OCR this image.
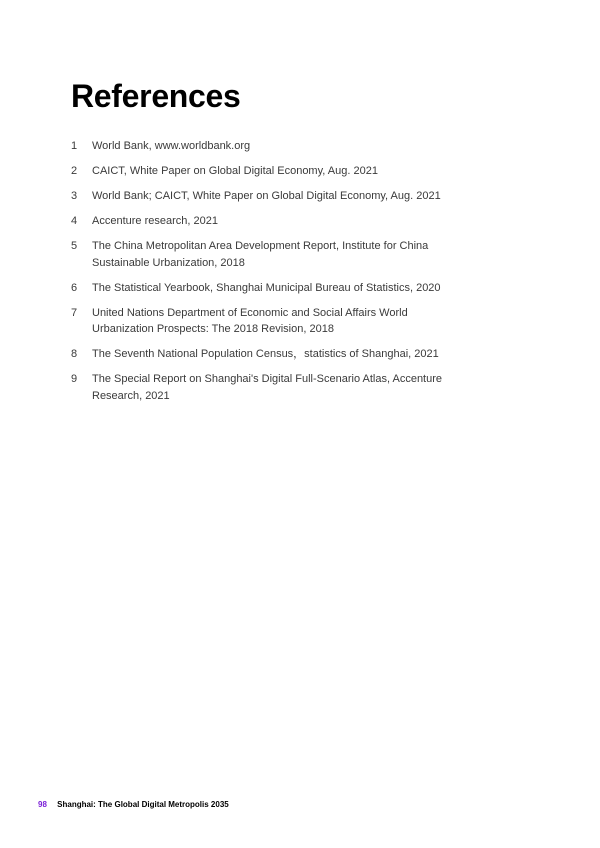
References
1	World Bank, www.worldbank.org
2	CAICT, White Paper on Global Digital Economy, Aug. 2021
3	World Bank; CAICT, White Paper on Global Digital Economy, Aug. 2021
4	Accenture research, 2021
5	The China Metropolitan Area Development Report, Institute for China Sustainable Urbanization, 2018
6	The Statistical Yearbook, Shanghai Municipal Bureau of Statistics, 2020
7	United Nations Department of Economic and Social Affairs World Urbanization Prospects: The 2018 Revision, 2018
8	The Seventh National Population Census，statistics of Shanghai, 2021
9	The Special Report on Shanghai's Digital Full-Scenario Atlas, Accenture Research, 2021
98 Shanghai: The Global Digital Metropolis 2035
